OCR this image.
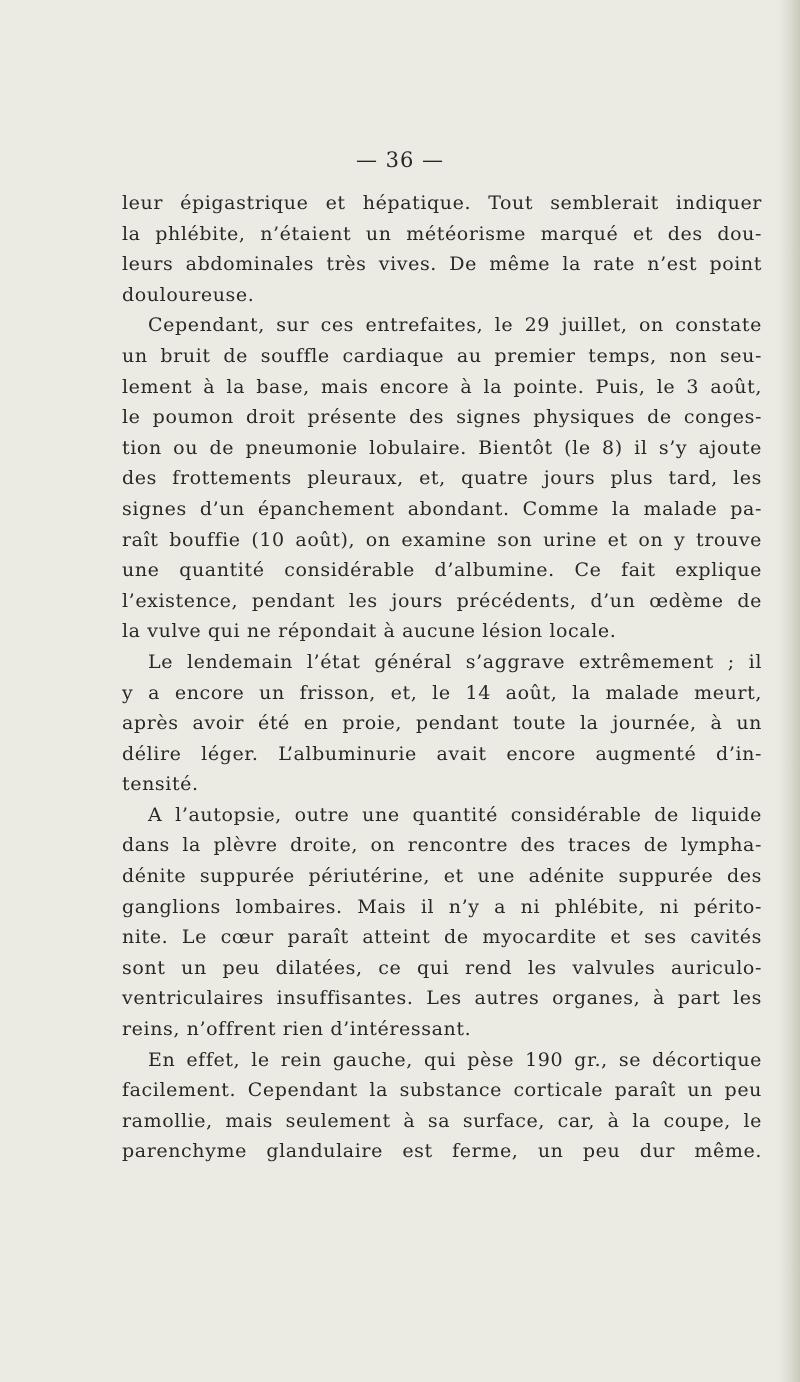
— 36 —
leur épigastrique et hépatique. Tout semblerait indiquer
la phlébite, n’étaient un météorisme marqué et des dou-
leurs abdominales très vives. De même la rate n’est point
douloureuse.
Cependant, sur ces entrefaites, le 29 juillet, on constate
un bruit de souffle cardiaque au premier temps, non seu-
lement à la base, mais encore à la pointe. Puis, le 3 août,
le poumon droit présente des signes physiques de conges-
tion ou de pneumonie lobulaire. Bientôt (le 8) il s’y ajoute
des frottements pleuraux, et, quatre jours plus tard, les
signes d’un épanchement abondant. Comme la malade pa-
raît bouffie (10 août), on examine son urine et on y trouve
une quantité considérable d’albumine. Ce fait explique
l’existence, pendant les jours précédents, d’un œdème de
la vulve qui ne répondait à aucune lésion locale.
Le lendemain l’état général s’aggrave extrêmement ; il
y a encore un frisson, et, le 14 août, la malade meurt,
après avoir été en proie, pendant toute la journée, à un
délire léger. L’albuminurie avait encore augmenté d’in-
tensité.
A l’autopsie, outre une quantité considérable de liquide
dans la plèvre droite, on rencontre des traces de lympha-
dénite suppurée périutérine, et une adénite suppurée des
ganglions lombaires. Mais il n’y a ni phlébite, ni périto-
nite. Le cœur paraît atteint de myocardite et ses cavités
sont un peu dilatées, ce qui rend les valvules auriculo-
ventriculaires insuffisantes. Les autres organes, à part les
reins, n’offrent rien d’intéressant.
En effet, le rein gauche, qui pèse 190 gr., se décortique
facilement. Cependant la substance corticale paraît un peu
ramollie, mais seulement à sa surface, car, à la coupe, le
parenchyme glandulaire est ferme, un peu dur même.
